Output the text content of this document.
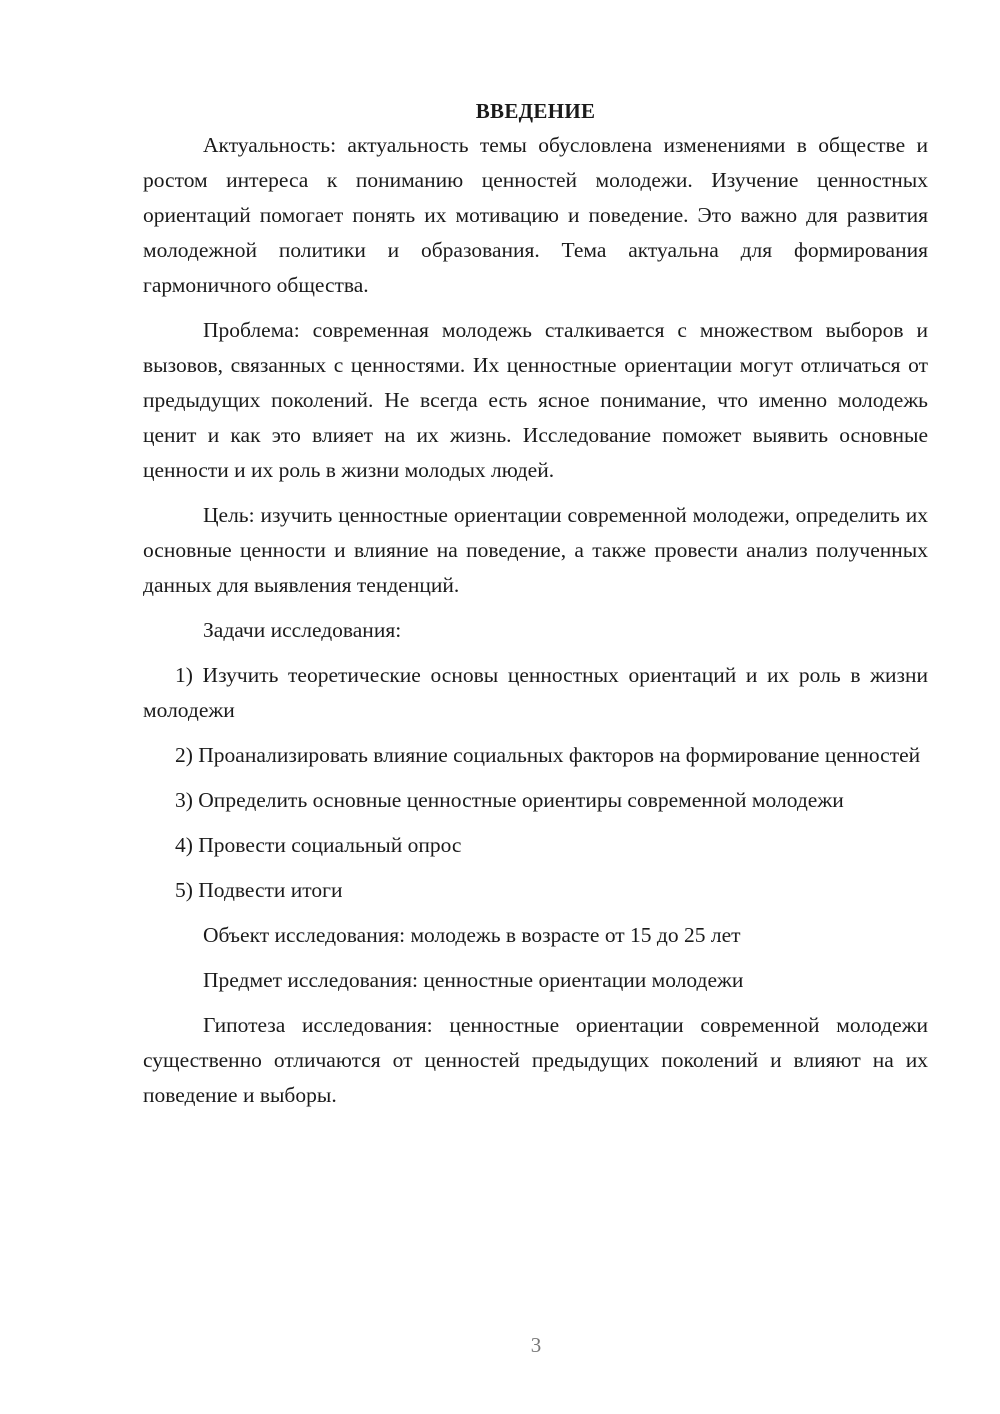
ВВЕДЕНИЕ

Актуальность: актуальность темы обусловлена изменениями в обществе и ростом интереса к пониманию ценностей молодежи. Изучение ценностных ориентаций помогает понять их мотивацию и поведение. Это важно для развития молодежной политики и образования. Тема актуальна для формирования гармоничного общества.

Проблема: современная молодежь сталкивается с множеством выборов и вызовов, связанных с ценностями. Их ценностные ориентации могут отличаться от предыдущих поколений. Не всегда есть ясное понимание, что именно молодежь ценит и как это влияет на их жизнь. Исследование поможет выявить основные ценности и их роль в жизни молодых людей.

Цель: изучить ценностные ориентации современной молодежи, определить их основные ценности и влияние на поведение, а также провести анализ полученных данных для выявления тенденций.

Задачи исследования:

1) Изучить теоретические основы ценностных ориентаций и их роль в жизни молодежи

2) Проанализировать влияние социальных факторов на формирование ценностей

3) Определить основные ценностные ориентиры современной молодежи

4) Провести социальный опрос

5) Подвести итоги

Объект исследования: молодежь в возрасте от 15 до 25 лет

Предмет исследования: ценностные ориентации молодежи

Гипотеза исследования: ценностные ориентации современной молодежи существенно отличаются от ценностей предыдущих поколений и влияют на их поведение и выборы.

3
